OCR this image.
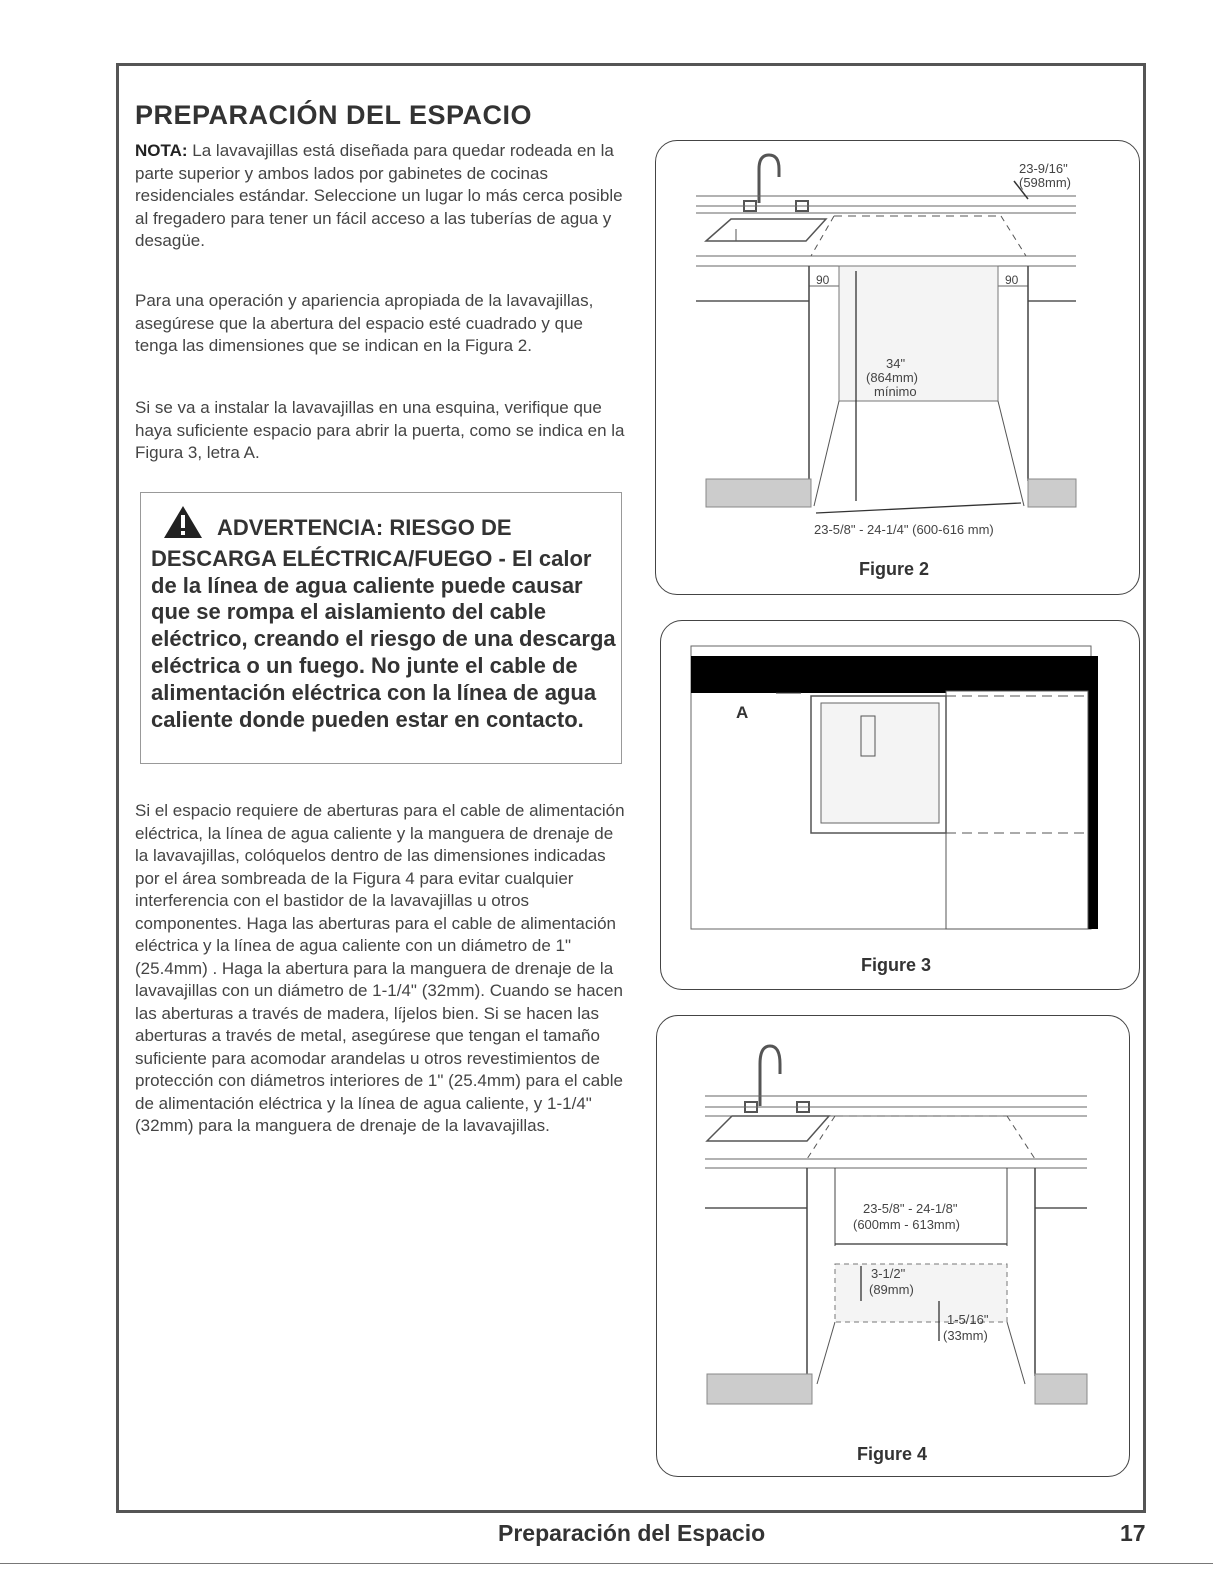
PREPARACIÓN DEL ESPACIO

NOTA: La lavavajillas está diseñada para quedar rodeada en la parte superior y ambos lados por gabinetes de cocinas residenciales estándar. Seleccione un lugar lo más cerca posible al fregadero para tener un fácil acceso a las tuberías de agua y desagüe.

Para una operación y apariencia apropiada de la lavavajillas, asegúrese que la abertura del espacio esté cuadrado y que tenga las dimensiones que se indican en la Figura 2.

Si se va a instalar la lavavajillas en una esquina, verifique que haya suficiente espacio para abrir la puerta, como se indica en la Figura 3, letra A.

ADVERTENCIA: RIESGO DE DESCARGA ELÉCTRICA/FUEGO - El calor de la línea de agua caliente puede causar que se rompa el aislamiento del cable eléctrico, creando el riesgo de una descarga eléctrica o un fuego. No junte el cable de alimentación eléctrica con la línea de agua caliente donde pueden estar en contacto.

Si el espacio requiere de aberturas para el cable de alimentación eléctrica, la línea de agua caliente y la manguera de drenaje de la lavavajillas, colóquelos dentro de las dimensiones indicadas por el área sombreada de la Figura 4 para evitar cualquier interferencia con el bastidor de la lavavajillas u otros componentes. Haga las aberturas para el cable de alimentación eléctrica y la línea de agua caliente con un diámetro de 1" (25.4mm) . Haga la abertura para la manguera de drenaje de la lavavajillas con un diámetro de 1-1/4" (32mm). Cuando se hacen las aberturas a través de madera, líjelos bien. Si se hacen las aberturas a través de metal, asegúrese que tengan el tamaño suficiente para acomodar arandelas u otros revestimientos de protección con diámetros interiores de 1" (25.4mm) para el cable de alimentación eléctrica y la línea de agua caliente, y 1-1/4" (32mm) para la manguera de drenaje de la lavavajillas.

23-9/16"
(598mm)
90	90
34"
(864mm)
mínimo
23-5/8" - 24-1/4" (600-616 mm)
Figure 2
A
Figure 3
23-5/8" - 24-1/8"
(600mm - 613mm)
3-1/2"
(89mm)
1-5/16"
(33mm)
Figure 4
Preparación del Espacio	17
